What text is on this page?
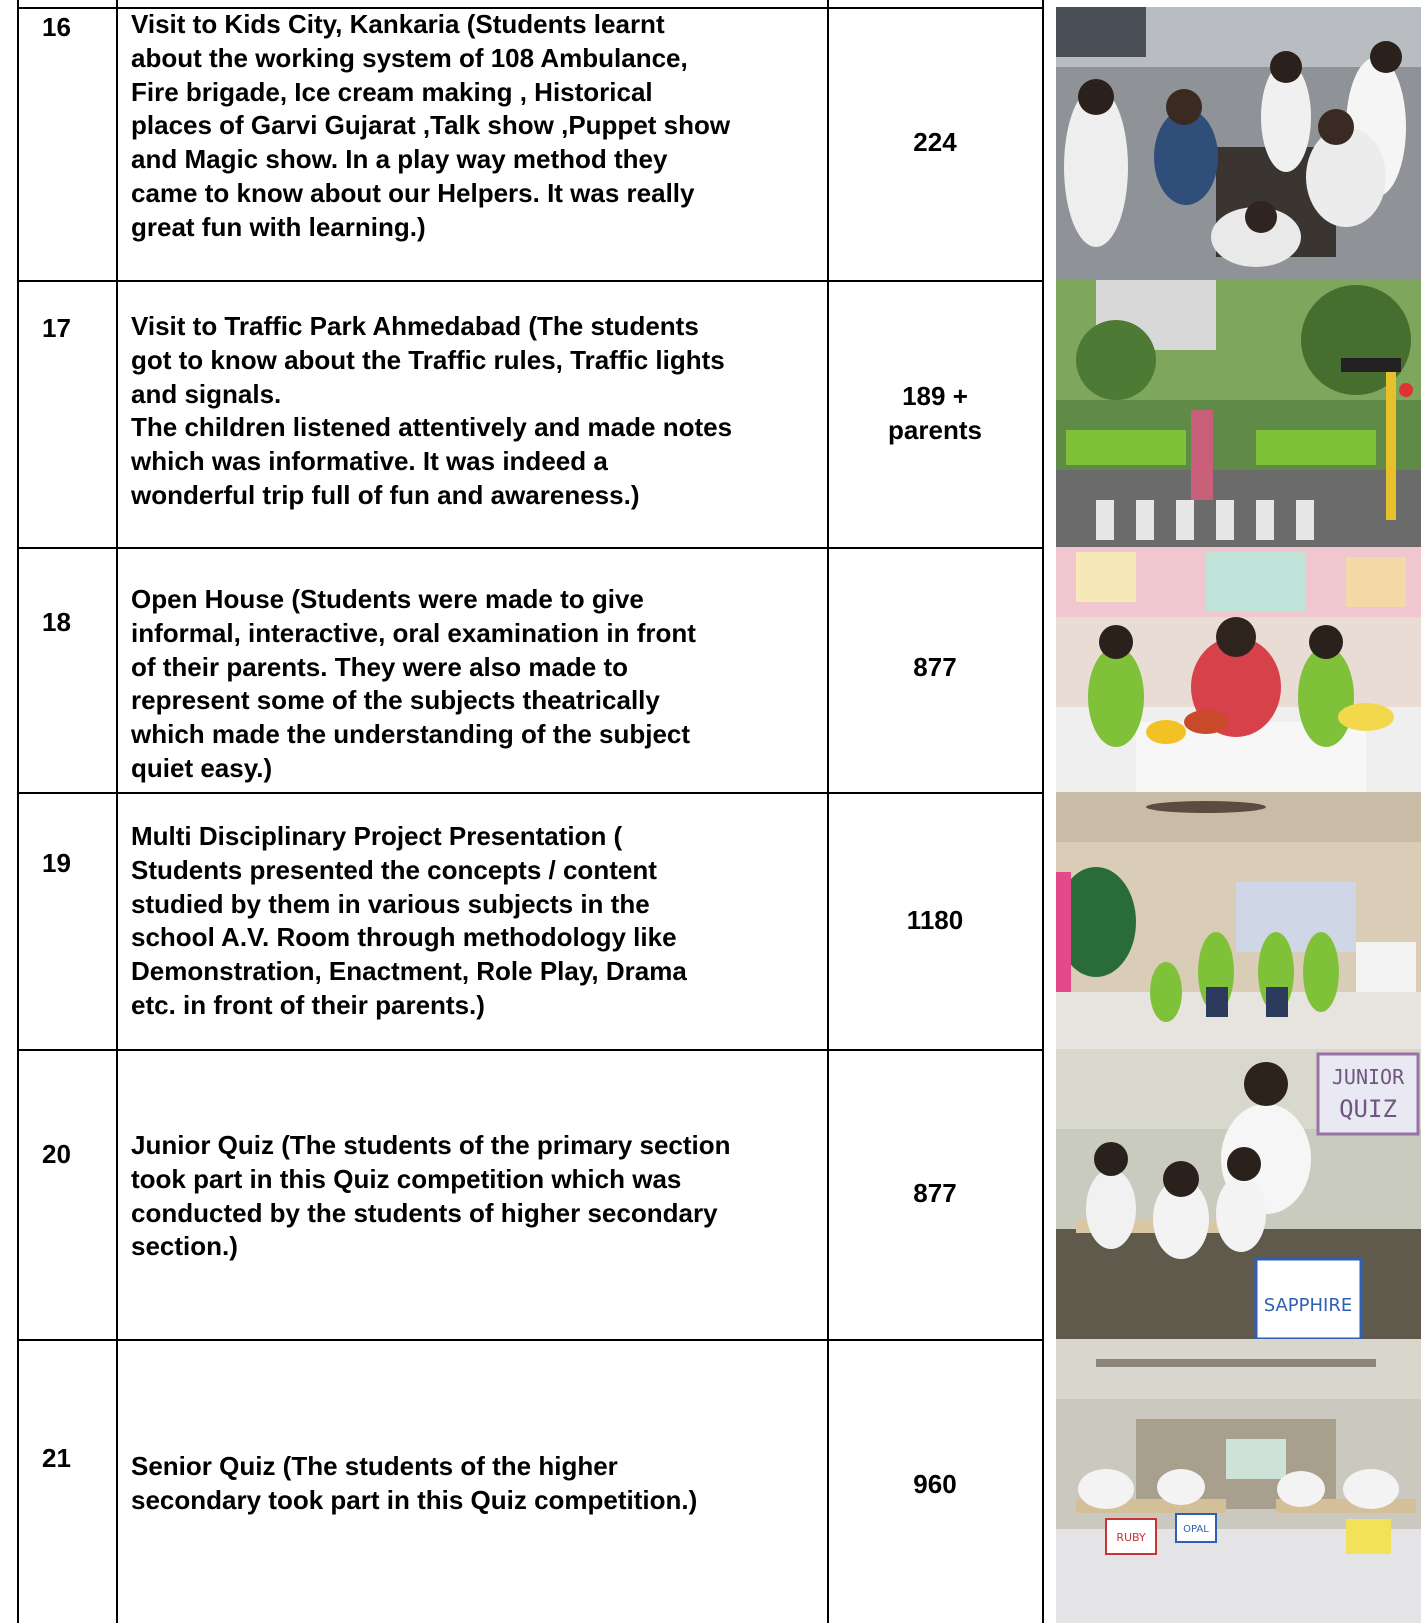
16 Visit to Kids City, Kankaria (Students learnt
about the working system of 108 Ambulance,
Fire brigade, Ice cream making , Historical
places of Garvi Gujarat ,Talk show ,Puppet show
and Magic show. In a play way method they
came to know about our Helpers. It was really
great fun with learning.)
224
17 Visit to Traffic Park Ahmedabad (The students
got to know about the Traffic rules, Traffic lights
and signals.
The children listened attentively and made notes
which was informative. It was indeed a
wonderful trip full of fun and awareness.)
189 +
parents
18
Open House (Students were made to give
informal, interactive, oral examination in front
of their parents. They were also made to
represent some of the subjects theatrically
which made the understanding of the subject
quiet easy.)
877
19
Multi Disciplinary Project Presentation (
Students presented the concepts / content
studied by them in various subjects in the
school A.V. Room through methodology like
Demonstration, Enactment, Role Play, Drama
etc. in front of their parents.)
1180
20 Junior Quiz (The students of the primary section
took part in this Quiz competition which was
conducted by the students of higher secondary
section.)
877
JUNIOR
QUIZ
SAPPHIRE
21 Senior Quiz (The students of the higher
secondary took part in this Quiz competition.)
960
RUBY
OPAL
